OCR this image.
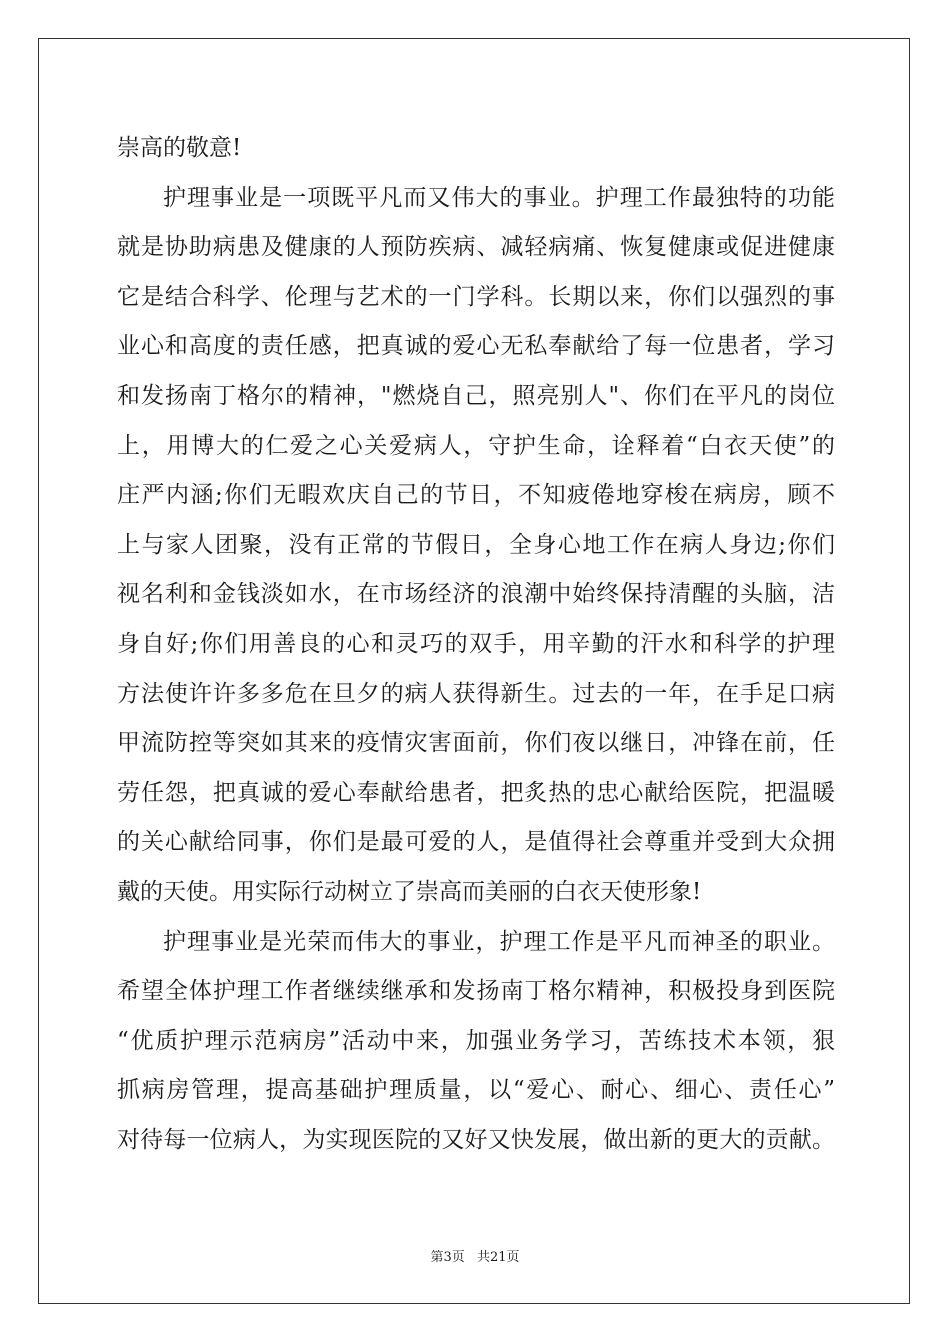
崇高的敬意!
护理事业是一项既平凡而又伟大的事业。护理工作最独特的功能
就是协助病患及健康的人预防疾病、减轻病痛、恢复健康或促进健康
它是结合科学、伦理与艺术的一门学科。长期以来，你们以强烈的事
业心和高度的责任感，把真诚的爱心无私奉献给了每一位患者，学习
和发扬南丁格尔的精神，"燃烧自己，照亮别人"、你们在平凡的岗位
上，用博大的仁爱之心关爱病人，守护生命，诠释着“白衣天使”的
庄严内涵;你们无暇欢庆自己的节日，不知疲倦地穿梭在病房，顾不
上与家人团聚，没有正常的节假日，全身心地工作在病人身边;你们
视名利和金钱淡如水，在市场经济的浪潮中始终保持清醒的头脑，洁
身自好;你们用善良的心和灵巧的双手，用辛勤的汗水和科学的护理
方法使许许多多危在旦夕的病人获得新生。过去的一年，在手足口病
甲流防控等突如其来的疫情灾害面前，你们夜以继日，冲锋在前，任
劳任怨，把真诚的爱心奉献给患者，把炙热的忠心献给医院，把温暖
的关心献给同事，你们是最可爱的人，是值得社会尊重并受到大众拥
戴的天使。用实际行动树立了崇高而美丽的白衣天使形象!
护理事业是光荣而伟大的事业，护理工作是平凡而神圣的职业。
希望全体护理工作者继续继承和发扬南丁格尔精神，积极投身到医院
“优质护理示范病房”活动中来，加强业务学习，苦练技术本领，狠
抓病房管理，提高基础护理质量，以“爱心、耐心、细心、责任心”
对待每一位病人，为实现医院的又好又快发展，做出新的更大的贡献。
第3页 共21页
